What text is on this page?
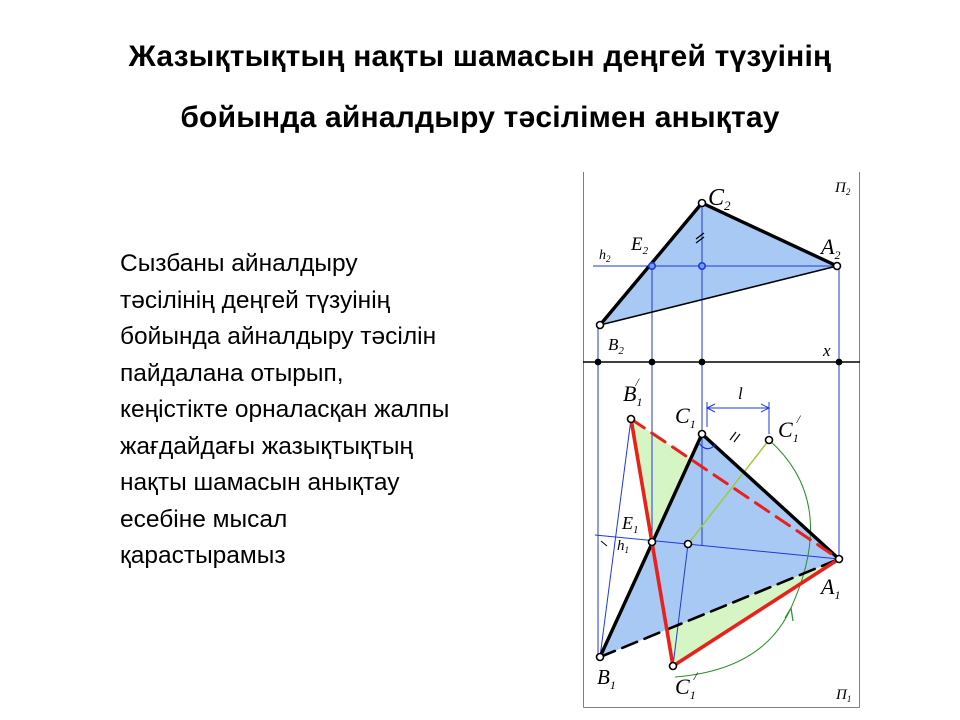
Жазықтықтың нақты шамасын деңгей түзуінің
бойында айналдыру тәсілімен анықтау
Сызбаны айналдыру
тәсілінің деңгей түзуінің
бойында айналдыру тәсілін
пайдалана отырып,
кеңістікте орналасқан жалпы
жағдайдағы жазықтықтың
нақты шамасын анықтау
есебіне мысал
қарастырамыз
$П_2$
$П_1$
x
$C_2$
$E_2$	$A_2$
$h_2$
$B_2$
$B_1/$
$C_1$	$C_1/$
l
$E_1$
$h_1$
$A_1$
$B_1$	$C_1/$
